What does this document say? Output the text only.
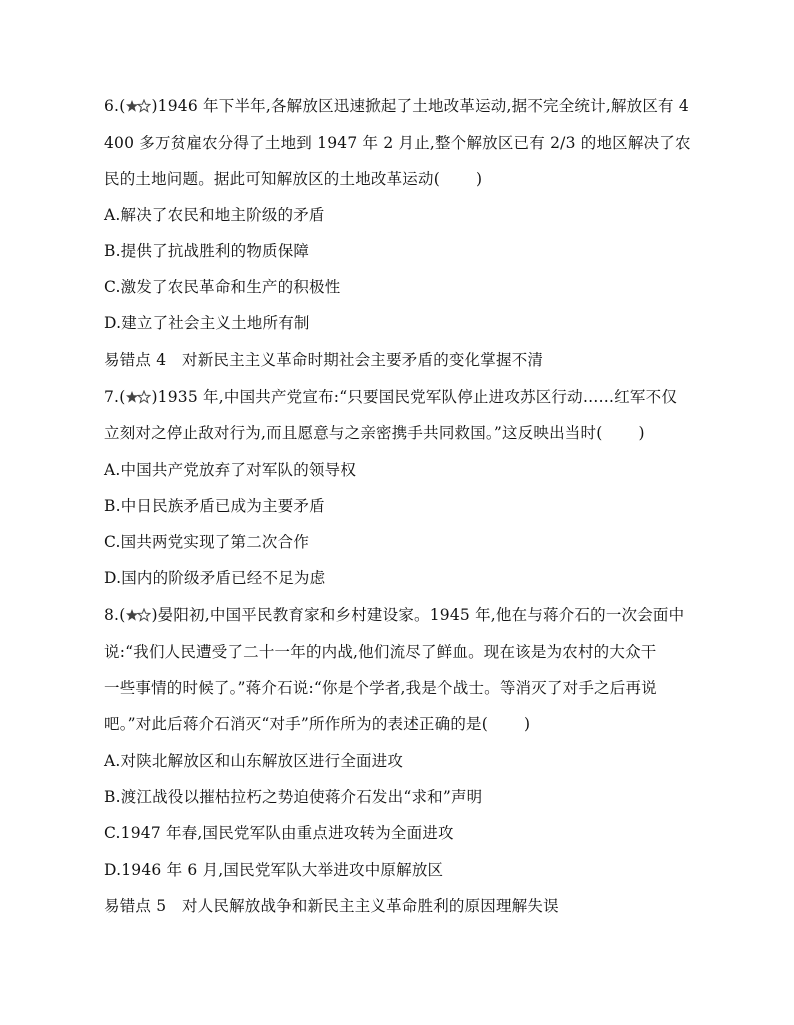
6.( )1946 年下半年,各解放区迅速掀起了土地改革运动,据不完全统计,解放区有 4
400 多万贫雇农分得了土地到 1947 年 2 月止,整个解放区已有 2/3 的地区解决了农
民的土地问题。据此可知解放区的土地改革运动( )
A.解决了农民和地主阶级的矛盾
B.提供了抗战胜利的物质保障
C.激发了农民革命和生产的积极性
D.建立了社会主义土地所有制
易错点 4　对新民主主义革命时期社会主要矛盾的变化掌握不清
7.( )1935 年,中国共产党宣布:“只要国民党军队停止进攻苏区行动……红军不仅
立刻对之停止敌对行为,而且愿意与之亲密携手共同救国。”这反映出当时( )
A.中国共产党放弃了对军队的领导权
B.中日民族矛盾已成为主要矛盾
C.国共两党实现了第二次合作
D.国内的阶级矛盾已经不足为虑
8.( )晏阳初,中国平民教育家和乡村建设家。1945 年,他在与蒋介石的一次会面中
说:“我们人民遭受了二十一年的内战,他们流尽了鲜血。现在该是为农村的大众干
一些事情的时候了。”蒋介石说:“你是个学者,我是个战士。等消灭了对手之后再说
吧。”对此后蒋介石消灭“对手”所作所为的表述正确的是( )
A.对陕北解放区和山东解放区进行全面进攻
B.渡江战役以摧枯拉朽之势迫使蒋介石发出“求和”声明
C.1947 年春,国民党军队由重点进攻转为全面进攻
D.1946 年 6 月,国民党军队大举进攻中原解放区
易错点 5　对人民解放战争和新民主主义革命胜利的原因理解失误
